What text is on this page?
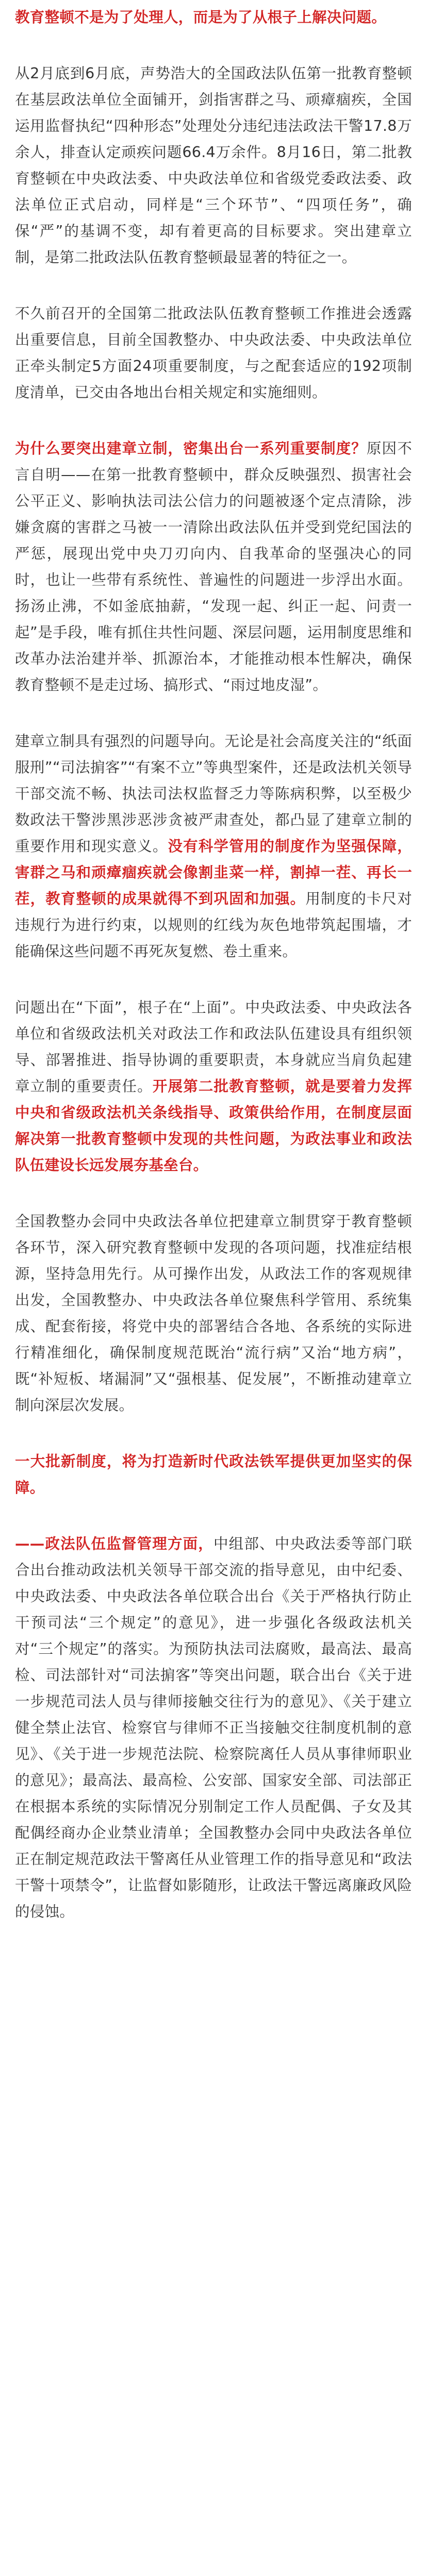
教育整顿不是为了处理人，而是为了从根子上解决问题。

从2月底到6月底，声势浩大的全国政法队伍第一批教育整顿在基层政法单位全面铺开，剑指害群之马、顽瘴痼疾，全国运用监督执纪“四种形态”处理处分违纪违法政法干警17.8万余人，排查认定顽疾问题66.4万余件。8月16日，第二批教育整顿在中央政法委、中央政法单位和省级党委政法委、政法单位正式启动，同样是“三个环节”、“四项任务”，确保“严”的基调不变，却有着更高的目标要求。突出建章立制，是第二批政法队伍教育整顿最显著的特征之一。

不久前召开的全国第二批政法队伍教育整顿工作推进会透露出重要信息，目前全国教整办、中央政法委、中央政法单位正牵头制定5方面24项重要制度，与之配套适应的192项制度清单，已交由各地出台相关规定和实施细则。

为什么要突出建章立制，密集出台一系列重要制度？原因不言自明——在第一批教育整顿中，群众反映强烈、损害社会公平正义、影响执法司法公信力的问题被逐个定点清除，涉嫌贪腐的害群之马被一一清除出政法队伍并受到党纪国法的严惩，展现出党中央刀刃向内、自我革命的坚强决心的同时，也让一些带有系统性、普遍性的问题进一步浮出水面。扬汤止沸，不如釜底抽薪，“发现一起、纠正一起、问责一起”是手段，唯有抓住共性问题、深层问题，运用制度思维和改革办法治建并举、抓源治本，才能推动根本性解决，确保教育整顿不是走过场、搞形式、“雨过地皮湿”。

建章立制具有强烈的问题导向。无论是社会高度关注的“纸面服刑”“司法掮客”“有案不立”等典型案件，还是政法机关领导干部交流不畅、执法司法权监督乏力等陈病积弊，以至极少数政法干警涉黑涉恶涉贪被严肃查处，都凸显了建章立制的重要作用和现实意义。没有科学管用的制度作为坚强保障，害群之马和顽瘴痼疾就会像割韭菜一样，割掉一茬、再长一茬，教育整顿的成果就得不到巩固和加强。用制度的卡尺对违规行为进行约束，以规则的红线为灰色地带筑起围墙，才能确保这些问题不再死灰复燃、卷土重来。

问题出在“下面”，根子在“上面”。中央政法委、中央政法各单位和省级政法机关对政法工作和政法队伍建设具有组织领导、部署推进、指导协调的重要职责，本身就应当肩负起建章立制的重要责任。开展第二批教育整顿，就是要着力发挥中央和省级政法机关条线指导、政策供给作用，在制度层面解决第一批教育整顿中发现的共性问题，为政法事业和政法队伍建设长远发展夯基垒台。

全国教整办会同中央政法各单位把建章立制贯穿于教育整顿各环节，深入研究教育整顿中发现的各项问题，找准症结根源，坚持急用先行。从可操作出发，从政法工作的客观规律出发，全国教整办、中央政法各单位聚焦科学管用、系统集成、配套衔接，将党中央的部署结合各地、各系统的实际进行精准细化，确保制度规范既治“流行病”又治“地方病”，既“补短板、堵漏洞”又“强根基、促发展”，不断推动建章立制向深层次发展。

一大批新制度，将为打造新时代政法铁军提供更加坚实的保障。

——政法队伍监督管理方面，中组部、中央政法委等部门联合出台推动政法机关领导干部交流的指导意见，由中纪委、中央政法委、中央政法各单位联合出台《关于严格执行防止干预司法“三个规定”的意见》，进一步强化各级政法机关对“三个规定”的落实。为预防执法司法腐败，最高法、最高检、司法部针对“司法掮客”等突出问题，联合出台《关于进一步规范司法人员与律师接触交往行为的意见》、《关于建立健全禁止法官、检察官与律师不正当接触交往制度机制的意见》、《关于进一步规范法院、检察院离任人员从事律师职业的意见》；最高法、最高检、公安部、国家安全部、司法部正在根据本系统的实际情况分别制定工作人员配偶、子女及其配偶经商办企业禁业清单；全国教整办会同中央政法各单位正在制定规范政法干警离任从业管理工作的指导意见和“政法干警十项禁令”，让监督如影随形，让政法干警远离廉政风险的侵蚀。
